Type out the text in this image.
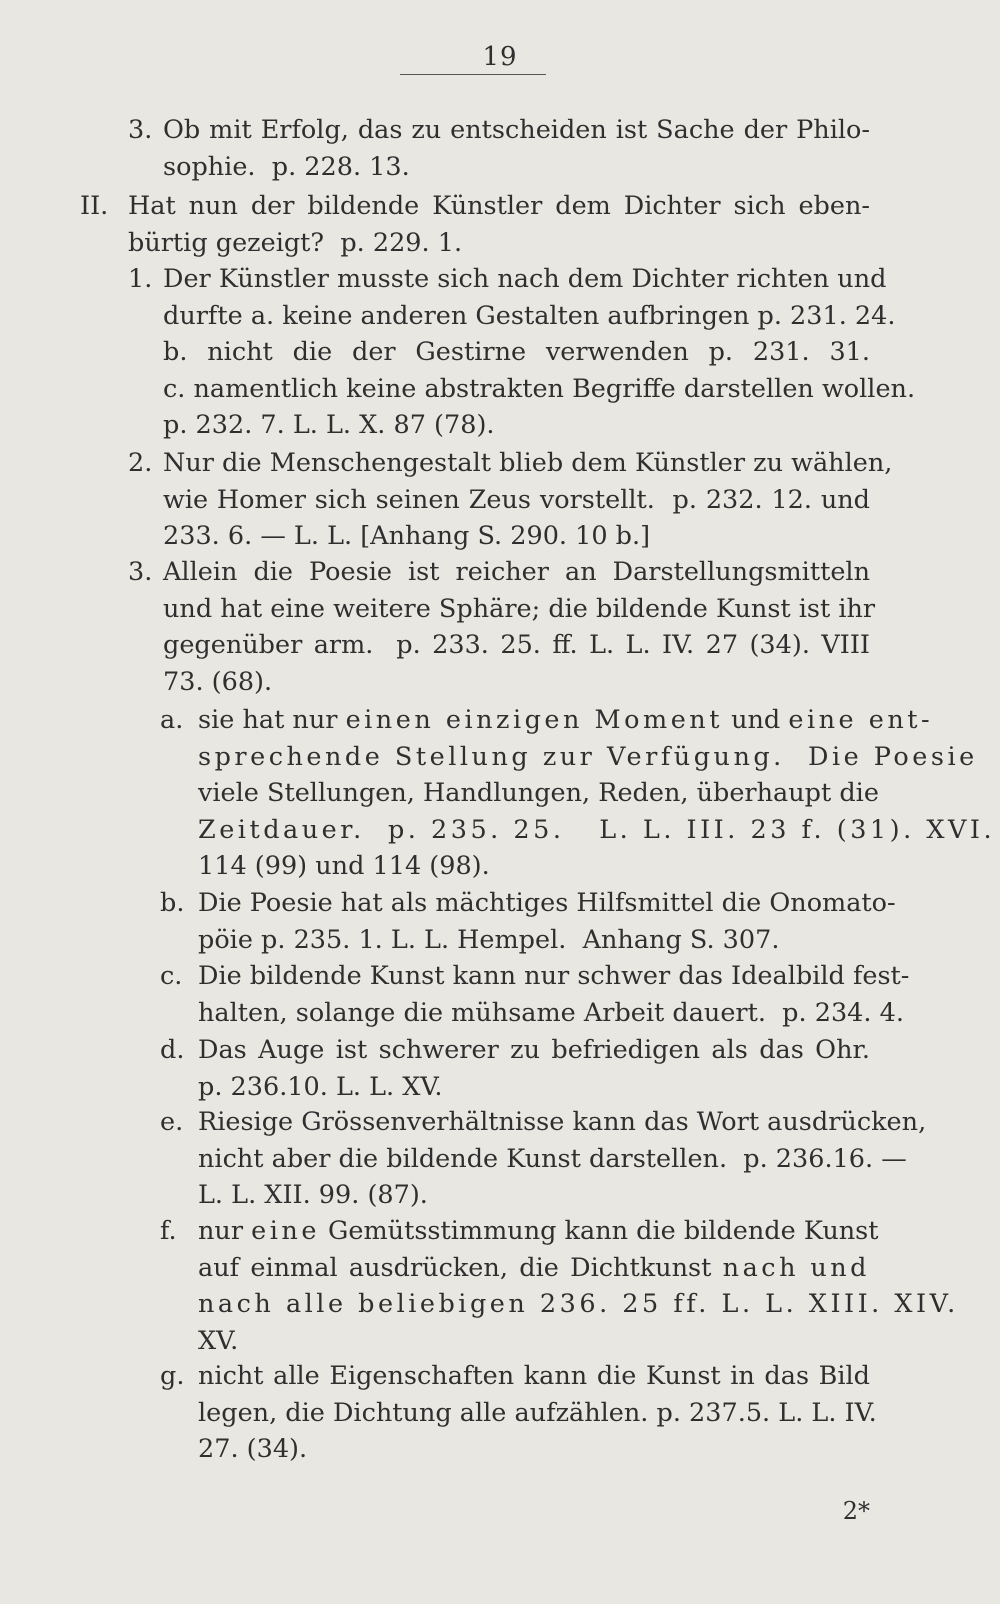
19
3. Ob mit Erfolg, das zu entscheiden ist Sache der Philo-
sophie.  p. 228. 13.
II. Hat nun der bildende Künstler dem Dichter sich eben-
bürtig gezeigt?  p. 229. 1.
1. Der Künstler musste sich nach dem Dichter richten und
durfte a. keine anderen Gestalten aufbringen p. 231. 24.
b. nicht die der Gestirne verwenden p. 231. 31.
c. namentlich keine abstrakten Begriffe darstellen wollen.
p. 232. 7. L. L. X. 87 (78).
2. Nur die Menschengestalt blieb dem Künstler zu wählen,
wie Homer sich seinen Zeus vorstellt.  p. 232. 12. und
233. 6. — L. L. [Anhang S. 290. 10 b.]
3. Allein die Poesie ist reicher an Darstellungsmitteln
und hat eine weitere Sphäre; die bildende Kunst ist ihr
gegenüber arm.  p. 233. 25. ff. L. L. IV. 27 (34). VIII
73. (68).
a. sie hat nur einen einzigen Moment und eine ent-
sprechende Stellung zur Verfügung.  Die Poesie
viele Stellungen, Handlungen, Reden, überhaupt die
Zeitdauer.  p. 235. 25.   L. L. III. 23 f. (31). XVI.
114 (99) und 114 (98).
b. Die Poesie hat als mächtiges Hilfsmittel die Onomato-
pöie p. 235. 1. L. L. Hempel.  Anhang S. 307.
c. Die bildende Kunst kann nur schwer das Idealbild fest-
halten, solange die mühsame Arbeit dauert.  p. 234. 4.
d. Das Auge ist schwerer zu befriedigen als das Ohr.
p. 236.10. L. L. XV.
e. Riesige Grössenverhältnisse kann das Wort ausdrücken,
nicht aber die bildende Kunst darstellen.  p. 236.16. —
L. L. XII. 99. (87).
f. nur eine Gemütsstimmung kann die bildende Kunst
auf einmal ausdrücken, die Dichtkunst nach und
nach alle beliebigen 236. 25 ff. L. L. XIII. XIV.
XV.
g. nicht alle Eigenschaften kann die Kunst in das Bild
legen, die Dichtung alle aufzählen. p. 237.5. L. L. IV.
27. (34).
2*
